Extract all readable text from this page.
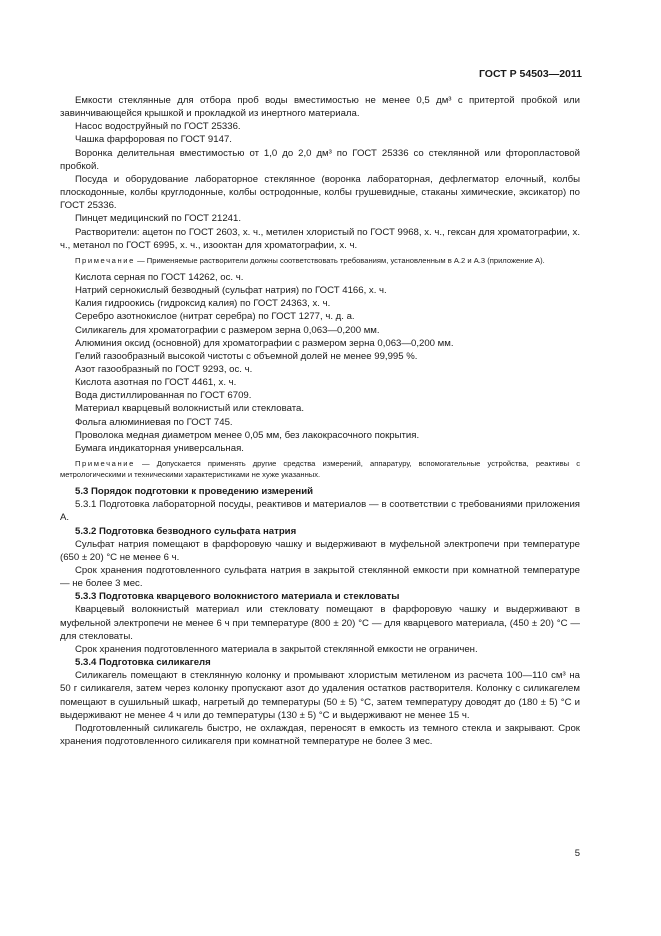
ГОСТ Р 54503—2011

Емкости стеклянные для отбора проб воды вместимостью не менее 0,5 дм³ с притертой пробкой или завинчивающейся крышкой и прокладкой из инертного материала.

Насос водоструйный по ГОСТ 25336.

Чашка фарфоровая по ГОСТ 9147.

Воронка делительная вместимостью от 1,0 до 2,0 дм³ по ГОСТ 25336 со стеклянной или фторопластовой пробкой.

Посуда и оборудование лабораторное стеклянное (воронка лабораторная, дефлегматор елочный, колбы плоскодонные, колбы круглодонные, колбы остродонные, колбы грушевидные, стаканы химические, эксикатор) по ГОСТ 25336.

Пинцет медицинский по ГОСТ 21241.

Растворители: ацетон по ГОСТ 2603, х. ч., метилен хлористый по ГОСТ 9968, х. ч., гексан для хроматографии, х. ч., метанол по ГОСТ 6995, х. ч., изооктан для хроматографии, х. ч.

Примечание — Применяемые растворители должны соответствовать требованиям, установленным в А.2 и А.3 (приложение А).

Кислота серная по ГОСТ 14262, ос. ч.

Натрий сернокислый безводный (сульфат натрия) по ГОСТ 4166, х. ч.

Калия гидроокись (гидроксид калия) по ГОСТ 24363, х. ч.

Серебро азотнокислое (нитрат серебра) по ГОСТ 1277, ч. д. а.

Силикагель для хроматографии с размером зерна 0,063—0,200 мм.

Алюминия оксид (основной) для хроматографии с размером зерна 0,063—0,200 мм.

Гелий газообразный высокой чистоты с объемной долей не менее 99,995 %.

Азот газообразный по ГОСТ 9293, ос. ч.

Кислота азотная по ГОСТ 4461, х. ч.

Вода дистиллированная по ГОСТ 6709.

Материал кварцевый волокнистый или стекловата.

Фольга алюминиевая по ГОСТ 745.

Проволока медная диаметром менее 0,05 мм, без лакокрасочного покрытия.

Бумага индикаторная универсальная.

Примечание — Допускается применять другие средства измерений, аппаратуру, вспомогательные устройства, реактивы с метрологическими и техническими характеристиками не хуже указанных.

5.3 Порядок подготовки к проведению измерений

5.3.1 Подготовка лабораторной посуды, реактивов и материалов — в соответствии с требованиями приложения А.

5.3.2 Подготовка безводного сульфата натрия

Сульфат натрия помещают в фарфоровую чашку и выдерживают в муфельной электропечи при температуре (650 ± 20) °С не менее 6 ч.

Срок хранения подготовленного сульфата натрия в закрытой стеклянной емкости при комнатной температуре — не более 3 мес.

5.3.3 Подготовка кварцевого волокнистого материала и стекловаты

Кварцевый волокнистый материал или стекловату помещают в фарфоровую чашку и выдерживают в муфельной электропечи не менее 6 ч при температуре (800 ± 20) °С — для кварцевого материала, (450 ± 20) °С — для стекловаты.

Срок хранения подготовленного материала в закрытой стеклянной емкости не ограничен.

5.3.4 Подготовка силикагеля

Силикагель помещают в стеклянную колонку и промывают хлористым метиленом из расчета 100—110 см³ на 50 г силикагеля, затем через колонку пропускают азот до удаления остатков растворителя. Колонку с силикагелем помещают в сушильный шкаф, нагретый до температуры (50 ± 5) °С, затем температуру доводят до (180 ± 5) °С и выдерживают не менее 4 ч или до температуры (130 ± 5) °С и выдерживают не менее 15 ч.

Подготовленный силикагель быстро, не охлаждая, переносят в емкость из темного стекла и закрывают. Срок хранения подготовленного силикагеля при комнатной температуре не более 3 мес.

5
